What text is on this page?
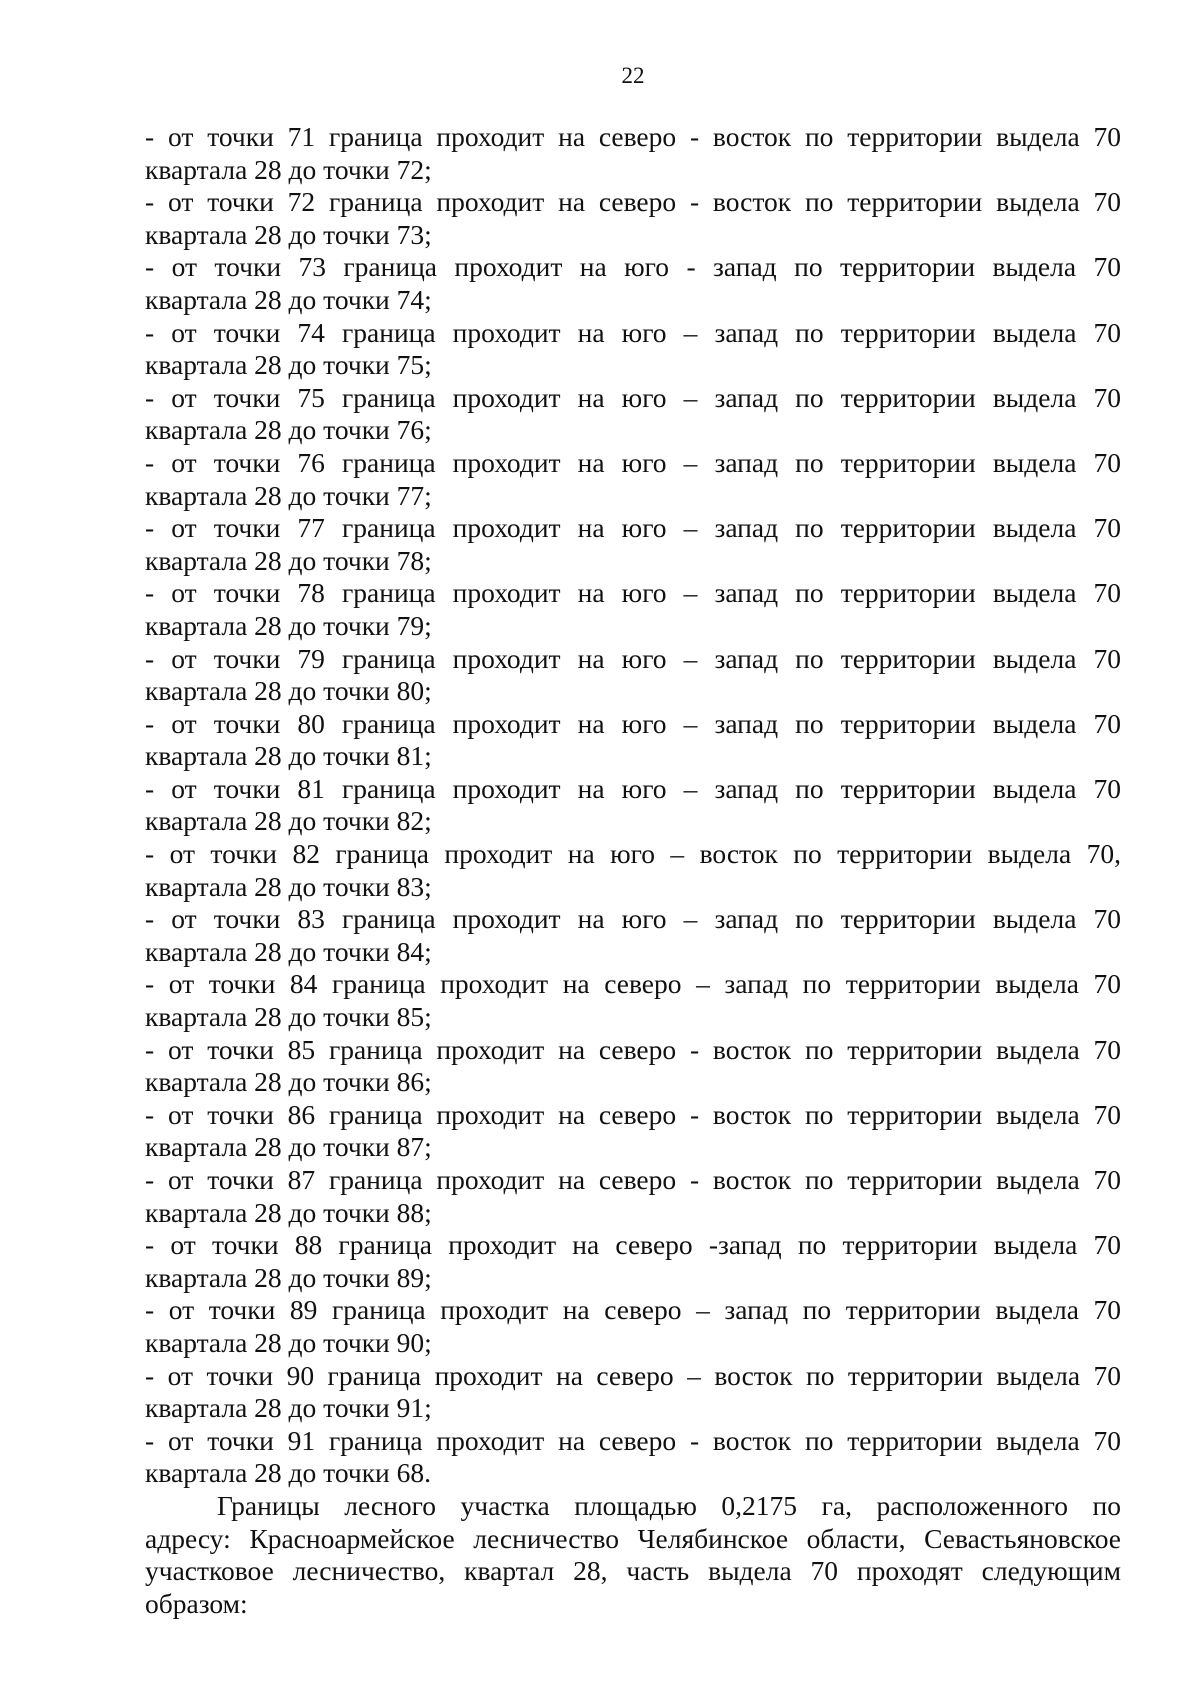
22
- от точки 71 граница проходит на северо - восток по территории выдела 70
квартала 28 до точки 72;
- от точки 72 граница проходит на северо - восток по территории выдела 70
квартала 28 до точки 73;
- от точки 73 граница проходит на юго - запад по территории выдела 70
квартала 28 до точки 74;
- от точки 74 граница проходит на юго – запад по территории выдела 70
квартала 28 до точки 75;
- от точки 75 граница проходит на юго – запад по территории выдела 70
квартала 28 до точки 76;
- от точки 76 граница проходит на юго – запад по территории выдела 70
квартала 28 до точки 77;
- от точки 77 граница проходит на юго – запад по территории выдела 70
квартала 28 до точки 78;
- от точки 78 граница проходит на юго – запад по территории выдела 70
квартала 28 до точки 79;
- от точки 79 граница проходит на юго – запад по территории выдела 70
квартала 28 до точки 80;
- от точки 80 граница проходит на юго – запад по территории выдела 70
квартала 28 до точки 81;
- от точки 81 граница проходит на юго – запад по территории выдела 70
квартала 28 до точки 82;
- от точки 82 граница проходит на юго – восток по территории выдела 70,
квартала 28 до точки 83;
- от точки 83 граница проходит на юго – запад по территории выдела 70
квартала 28 до точки 84;
- от точки 84 граница проходит на северо – запад по территории выдела 70
квартала 28 до точки 85;
- от точки 85 граница проходит на северо - восток по территории выдела 70
квартала 28 до точки 86;
- от точки 86 граница проходит на северо - восток по территории выдела 70
квартала 28 до точки 87;
- от точки 87 граница проходит на северо - восток по территории выдела 70
квартала 28 до точки 88;
- от точки 88 граница проходит на северо -запад по территории выдела 70
квартала 28 до точки 89;
- от точки 89 граница проходит на северо – запад по территории выдела 70
квартала 28 до точки 90;
- от точки 90 граница проходит на северо – восток по территории выдела 70
квартала 28 до точки 91;
- от точки 91 граница проходит на северо - восток по территории выдела 70
квартала 28 до точки 68.
Границы лесного участка площадью 0,2175 га, расположенного по
адресу: Красноармейское лесничество Челябинское области, Севастьяновское
участковое лесничество, квартал 28, часть выдела 70 проходят следующим
образом:
